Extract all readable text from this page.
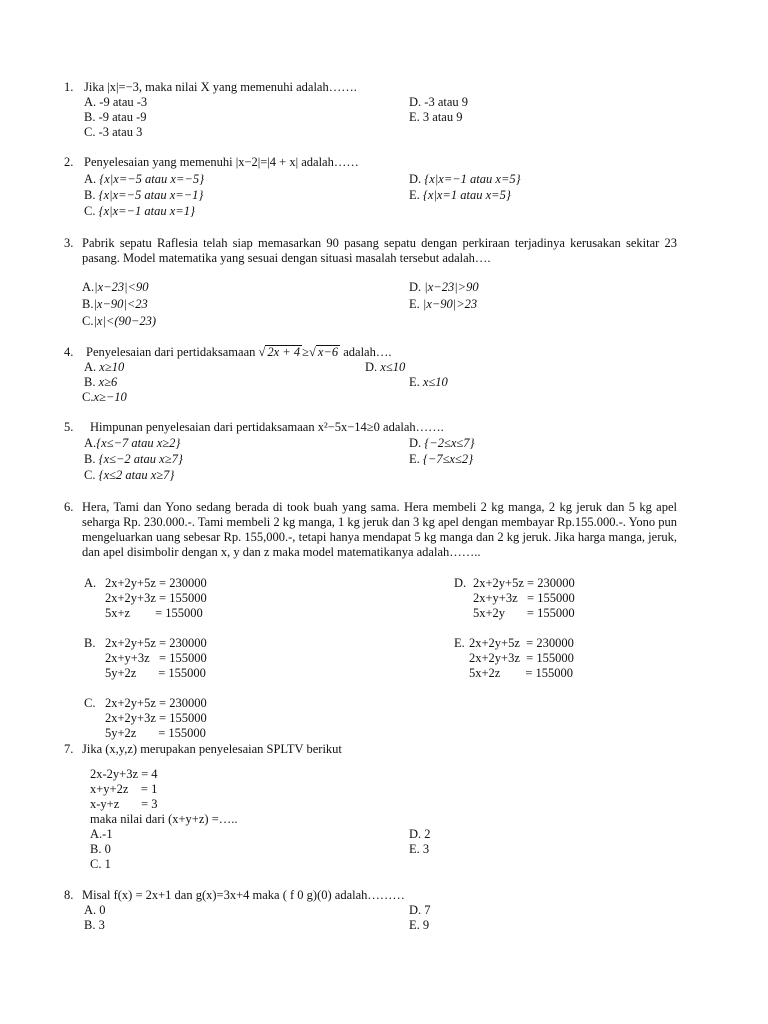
1. Jika |x|=−3, maka nilai X yang memenuhi adalah…….
A. -9 atau -3
B. -9 atau -9
C. -3 atau 3
D. -3 atau 9
E. 3 atau 9
2. Penyelesaian yang memenuhi |x−2|=|4 + x| adalah……
A. {x|x=−5 atau x=−5}
B. {x|x=−5 atau x=−1}
C. {x|x=−1 atau x=1}
D. {x|x=−1 atau x=5}
E. {x|x=1 atau x=5}
3. Pabrik sepatu Raflesia telah siap memasarkan 90 pasang sepatu dengan perkiraan terjadinya kerusakan sekitar 23 pasang. Model matematika yang sesuai dengan situasi masalah tersebut adalah….
A.|x−23|<90
B.|x−90|<23
C.|x|<(90−23)
D. |x−23|>90
E. |x−90|>23
4. Penyelesaian dari pertidaksamaan √ 2x + 4 ≥√ x−6 adalah….
A. x≥10
B. x≥6
C.x≥−10
D. x≤10
E. x≤10
5. Himpunan penyelesaian dari pertidaksamaan x²−5x−14≥0 adalah…….
A.{x≤−7 atau x≥2}
B. {x≤−2 atau x≥7}
C. {x≤2 atau x≥7}
D. {−2≤x≤7}
E. {−7≤x≤2}
6. Hera, Tami dan Yono sedang berada di took buah yang sama. Hera membeli 2 kg manga, 2 kg jeruk dan 5 kg apel seharga Rp. 230.000.-. Tami membeli 2 kg manga, 1 kg jeruk dan 3 kg apel dengan membayar Rp.155.000.-. Yono pun mengeluarkan uang sebesar Rp. 155,000.-, tetapi hanya mendapat 5 kg manga dan 2 kg jeruk. Jika harga manga, jeruk, dan apel disimbolir dengan x, y dan z maka model matematikanya adalah……..
A. 2x+2y+5z = 230000
2x+2y+3z = 155000
5x+z        = 155000
D. 2x+2y+5z = 230000
2x+y+3z   = 155000
5x+2y       = 155000
B. 2x+2y+5z = 230000
2x+y+3z   = 155000
5y+2z       = 155000
E. 2x+2y+5z  = 230000
2x+2y+3z  = 155000
5x+2z        = 155000
C. 2x+2y+5z = 230000
2x+2y+3z = 155000
5y+2z       = 155000
7. Jika (x,y,z) merupakan penyelesaian SPLTV berikut
2x-2y+3z = 4
x+y+2z    = 1
x-y+z       = 3
maka nilai dari (x+y+z) =…..
A.-1
B. 0
C. 1
D. 2
E. 3
8. Misal f(x) = 2x+1 dan g(x)=3x+4 maka ( f 0 g)(0) adalah………
A. 0
B. 3
D. 7
E. 9
